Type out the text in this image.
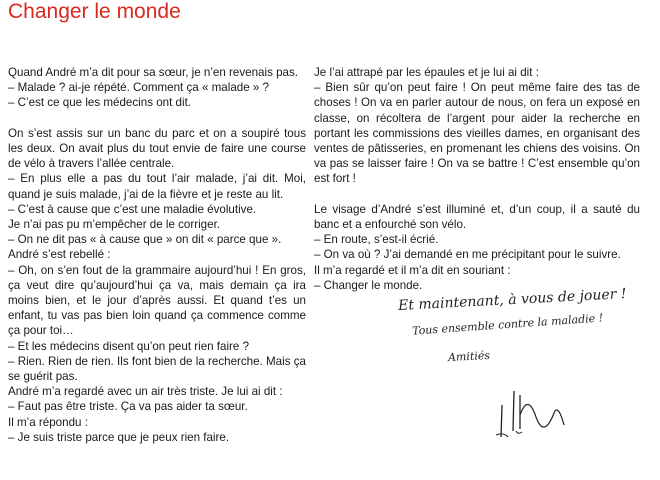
Changer le monde

Quand André m’a dit pour sa sœur, je n’en revenais pas.

– Malade ? ai-je répété. Comment ça « malade » ?

– C’est ce que les médecins ont dit.

On s’est assis sur un banc du parc et on a soupiré tous les deux. On avait plus du tout envie de faire une course de vélo à travers l’allée centrale.

– En plus elle a pas du tout l’air malade, j’ai dit. Moi, quand je suis malade, j’ai de la fièvre et je reste au lit.

– C’est à cause que c’est une maladie évolutive.

Je n’ai pas pu m’empêcher de le corriger.

– On ne dit pas « à cause que » on dit « parce que ».

André s’est rebellé :

– Oh, on s’en fout de la grammaire aujourd’hui ! En gros, ça veut dire qu’aujourd’hui ça va, mais demain ça ira moins bien, et le jour d’après aussi. Et quand t’es un enfant, tu vas pas bien loin quand ça commence comme ça pour toi…

– Et les médecins disent qu’on peut rien faire ?

– Rien. Rien de rien. Ils font bien de la recherche. Mais ça se guérit pas.

André m’a regardé avec un air très triste. Je lui ai dit :

– Faut pas être triste. Ça va pas aider ta sœur.

Il m’a répondu :

– Je suis triste parce que je peux rien faire.

Je l’ai attrapé par les épaules et je lui ai dit :

– Bien sûr qu’on peut faire ! On peut même faire des tas de choses ! On va en parler autour de nous, on fera un exposé en classe, on récoltera de l’argent pour aider la recherche en portant les commissions des vieilles dames, en organisant des ventes de pâtisseries, en promenant les chiens des voisins. On va pas se laisser faire ! On va se battre ! C’est ensemble qu’on est fort !

Le visage d’André s’est illuminé et, d’un coup, il a sauté du banc et a enfourché son vélo.

– En route, s’est-il écrié.

– On va où ? J’ai demandé en me précipitant pour le suivre.

Il m’a regardé et il m’a dit en souriant :

– Changer le monde.

Et maintenant, à vous de jouer !
Tous ensemble contre la maladie !
Amitiés
